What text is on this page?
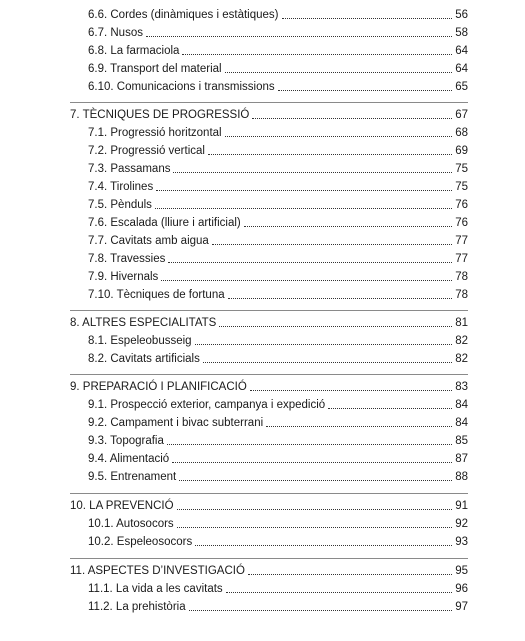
6.6. Cordes (dinàmiques i estàtiques)	56
6.7. Nusos	58
6.8. La farmaciola	64
6.9. Transport del material	64
6.10. Comunicacions i transmissions	65
7. TÈCNIQUES DE PROGRESSIÓ	67
7.1. Progressió horitzontal	68
7.2. Progressió vertical	69
7.3. Passamans	75
7.4. Tirolines	75
7.5. Pènduls	76
7.6. Escalada (lliure i artificial)	76
7.7. Cavitats amb aigua	77
7.8. Travessies	77
7.9. Hivernals	78
7.10. Tècniques de fortuna	78
8. ALTRES ESPECIALITATS	81
8.1. Espeleobusseig	82
8.2. Cavitats artificials	82
9. PREPARACIÓ I PLANIFICACIÓ	83
9.1. Prospecció exterior, campanya i expedició	84
9.2. Campament i bivac subterrani	84
9.3. Topografia	85
9.4. Alimentació	87
9.5. Entrenament	88
10. LA PREVENCIÓ	91
10.1. Autosocors	92
10.2. Espeleosocors	93
11. ASPECTES D’INVESTIGACIÓ	95
11.1. La vida a les cavitats	96
11.2. La prehistòria	97
